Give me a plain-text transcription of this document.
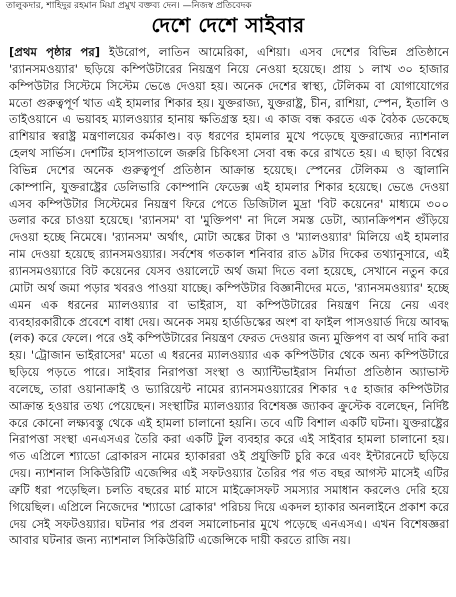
তালুকদার, শাহিদুর রহমান মিয়া প্রমুখ বক্তব্য দেন। —নিজস্ব প্রতিবেদক
দেশে দেশে সাইবার
[প্রথম পৃষ্ঠার পর] ইউরোপ, লাতিন আমেরিকা, এশিয়া। এসব দেশের বিভিন্ন প্রতিষ্ঠানে 'র‌্যানসমওয়্যার' ছড়িয়ে কম্পিউটারের নিয়ন্ত্রণ নিয়ে নেওয়া হয়েছে। প্রায় ১ লাখ ৩০ হাজার কম্পিউটার সিস্টেমে সিস্টেম ভেঙে দেওয়া হয়। অনেক দেশের স্বাস্থ্য, টেলিকম বা যোগাযোগের মতো গুরুত্বপূর্ণ খাত এই হামলার শিকার হয়। যুক্তরাজ্য, যুক্তরাষ্ট্র, চীন, রাশিয়া, স্পেন, ইতালি ও তাইওয়ানে এ ভয়াবহ ম্যালওয়্যার হানায় ক্ষতিগ্রস্ত হয়। এ কাজ বন্ধ করতে এক বৈঠক ডেকেছে রাশিয়ার স্বরাষ্ট্র মন্ত্রণালয়ের কর্মকাণ্ড। বড় ধরণের হামলার মুখে পড়েছে যুক্তরাজ্যের ন্যাশনাল হেলথ সার্ভিস। দেশটির হাসপাতালে জরুরি চিকিৎসা সেবা বন্ধ করে রাখতে হয়। এ ছাড়া বিশ্বের বিভিন্ন দেশের অনেক গুরুত্বপূর্ণ প্রতিষ্ঠান আক্রান্ত হয়েছে। স্পেনের টেলিকম ও জ্বালানি কোম্পানি, যুক্তরাষ্ট্রের ডেলিভারি কোম্পানি ফেডেক্স এই হামলার শিকার হয়েছে। ভেঙে দেওয়া এসব কম্পিউটার সিস্টেমের নিয়ন্ত্রণ ফিরে পেতে ডিজিটাল মুদ্রা 'বিট কয়েনের' মাধ্যমে ৩০০ ডলার করে চাওয়া হয়েছে। 'র‌্যানসম' বা 'মুক্তিপণ' না দিলে সমস্ত ডেটা, অ্যানক্রিপশন গুঁড়িয়ে দেওয়া হচ্ছে নিমেষে। 'র‌্যানসম' অর্থাৎ, মোটা অঙ্কের টাকা ও 'ম্যালওয়্যার' মিলিয়ে এই হামলার নাম দেওয়া হয়েছে র‌্যানসমওয়্যার। সর্বশেষ গতকাল শনিবার রাত ৯টার দিকের তথ্যানুসারে, এই র‌্যানসমওয়্যারে বিট কয়েনের যেসব ওয়ালেটে অর্থ জমা দিতে বলা হয়েছে, সেখানে নতুন করে মোটা অর্থ জমা পড়ার খবরও পাওয়া যাচ্ছে। কম্পিউটার বিজ্ঞানীদের মতে, 'র‌্যানসমওয়্যার' হচ্ছে এমন এক ধরনের ম্যালওয়্যার বা ভাইরাস, যা কম্পিউটারের নিয়ন্ত্রণ নিয়ে নেয় এবং ব্যবহারকারীকে প্রবেশে বাধা দেয়। অনেক সময় হার্ডডিস্কের অংশ বা ফাইল পাসওয়ার্ড দিয়ে আবদ্ধ (লক) করে ফেলে। পরে ওই কম্পিউটারের নিয়ন্ত্রণ ফেরত দেওয়ার জন্য মুক্তিপণ বা অর্থ দাবি করা হয়। 'ট্রোজান ভাইরাসের' মতো এ ধরনের ম্যালওয়্যার এক কম্পিউটার থেকে অন্য কম্পিউটারে ছড়িয়ে পড়তে পারে। সাইবার নিরাপত্তা সংস্থা ও অ্যান্টিভাইরাস নির্মাতা প্রতিষ্ঠান অ্যাভাস্ট বলেছে, তারা ওয়ানাক্রাই ও ভ্যারিয়েন্ট নামের র‌্যানসমওয়্যারের শিকার ৭৫ হাজার কম্পিউটার আক্রান্ত হওয়ার তথ্য পেয়েছেন। সংস্থাটির ম্যালওয়্যার বিশেষজ্ঞ জ্যাকব ক্রুস্টেক বলেছেন, নির্দিষ্ট করে কোনো লক্ষ্যবস্তু থেকে এই হামলা চালানো হয়নি। তবে এটি বিশাল একটি ঘটনা। যুক্তরাষ্ট্রের নিরাপত্তা সংস্থা এনএসএর তৈরি করা একটি টুল ব্যবহার করে এই সাইবার হামলা চালানো হয়। গত এপ্রিলে শ্যাডো ব্রোকারস নামের হ্যাকাররা ওই প্রযুক্তিটি চুরি করে এবং ইন্টারনেটে ছড়িয়ে দেয়। ন্যাশনাল সিকিউরিটি এজেন্সির এই সফটওয়্যার তৈরির পর গত বছর আগস্ট মাসেই এটির ত্রুটি ধরা পড়েছিল। চলতি বছরের মার্চ মাসে মাইক্রোসফট সমস্যার সমাধান করলেও দেরি হয়ে গিয়েছিল। এপ্রিলে নিজেদের 'শ্যাডো ব্রোকার' পরিচয় দিয়ে একদল হ্যাকার অনলাইনে প্রকাশ করে দেয় সেই সফটওয়্যার। ঘটনার পর প্রবল সমালোচনার মুখে পড়েছে এনএসএ। এখন বিশেষজ্ঞরা আবার ঘটনার জন্য ন্যাশনাল সিকিউরিটি এজেন্সিকে দায়ী করতে রাজি নয়।
